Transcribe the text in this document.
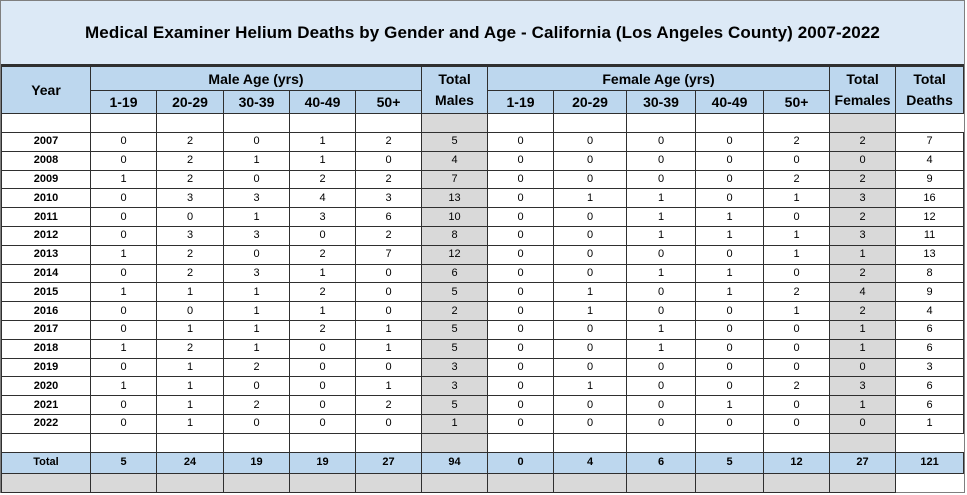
Medical Examiner Helium Deaths by Gender and Age - California (Los Angeles County) 2007-2022
Year	Male Age (yrs)					Total Males	Female Age (yrs)					Total Females	Total Deaths
	1-19	20-29	30-39	40-49	50+		1-19	20-29	30-39	40-49	50+		

2007	0	2	0	1	2	5	0	0	0	0	2	2	7
2008	0	2	1	1	0	4	0	0	0	0	0	0	4
2009	1	2	0	2	2	7	0	0	0	0	2	2	9
2010	0	3	3	4	3	13	0	1	1	0	1	3	16
2011	0	0	1	3	6	10	0	0	1	1	0	2	12
2012	0	3	3	0	2	8	0	0	1	1	1	3	11
2013	1	2	0	2	7	12	0	0	0	0	1	1	13
2014	0	2	3	1	0	6	0	0	1	1	0	2	8
2015	1	1	1	2	0	5	0	1	0	1	2	4	9
2016	0	0	1	1	0	2	0	1	0	0	1	2	4
2017	0	1	1	2	1	5	0	0	1	0	0	1	6
2018	1	2	1	0	1	5	0	0	1	0	0	1	6
2019	0	1	2	0	0	3	0	0	0	0	0	0	3
2020	1	1	0	0	1	3	0	1	0	0	2	3	6
2021	0	1	2	0	2	5	0	0	0	1	0	1	6
2022	0	1	0	0	0	1	0	0	0	0	0	0	1

Total	5	24	19	19	27	94	0	4	6	5	12	27	121
